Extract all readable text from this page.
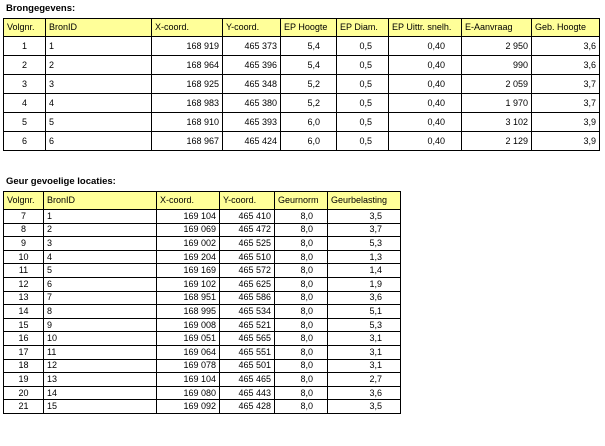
Brongegevens:
Volgnr.	BronID	X-coord.	Y-coord.	EP Hoogte	EP Diam.	EP Uittr. snelh.	E-Aanvraag	Geb. Hoogte
1	1	168 919	465 373	5,4	0,5	0,40	2 950	3,6
2	2	168 964	465 396	5,4	0,5	0,40	990	3,6
3	3	168 925	465 348	5,2	0,5	0,40	2 059	3,7
4	4	168 983	465 380	5,2	0,5	0,40	1 970	3,7
5	5	168 910	465 393	6,0	0,5	0,40	3 102	3,9
6	6	168 967	465 424	6,0	0,5	0,40	2 129	3,9
Geur gevoelige locaties:
Volgnr.	BronID	X-coord.	Y-coord.	Geurnorm	Geurbelasting
7	1	169 104	465 410	8,0	3,5
8	2	169 069	465 472	8,0	3,7
9	3	169 002	465 525	8,0	5,3
10	4	169 204	465 510	8,0	1,3
11	5	169 169	465 572	8,0	1,4
12	6	169 102	465 625	8,0	1,9
13	7	168 951	465 586	8,0	3,6
14	8	168 995	465 534	8,0	5,1
15	9	169 008	465 521	8,0	5,3
16	10	169 051	465 565	8,0	3,1
17	11	169 064	465 551	8,0	3,1
18	12	169 078	465 501	8,0	3,1
19	13	169 104	465 465	8,0	2,7
20	14	169 080	465 443	8,0	3,6
21	15	169 092	465 428	8,0	3,5
